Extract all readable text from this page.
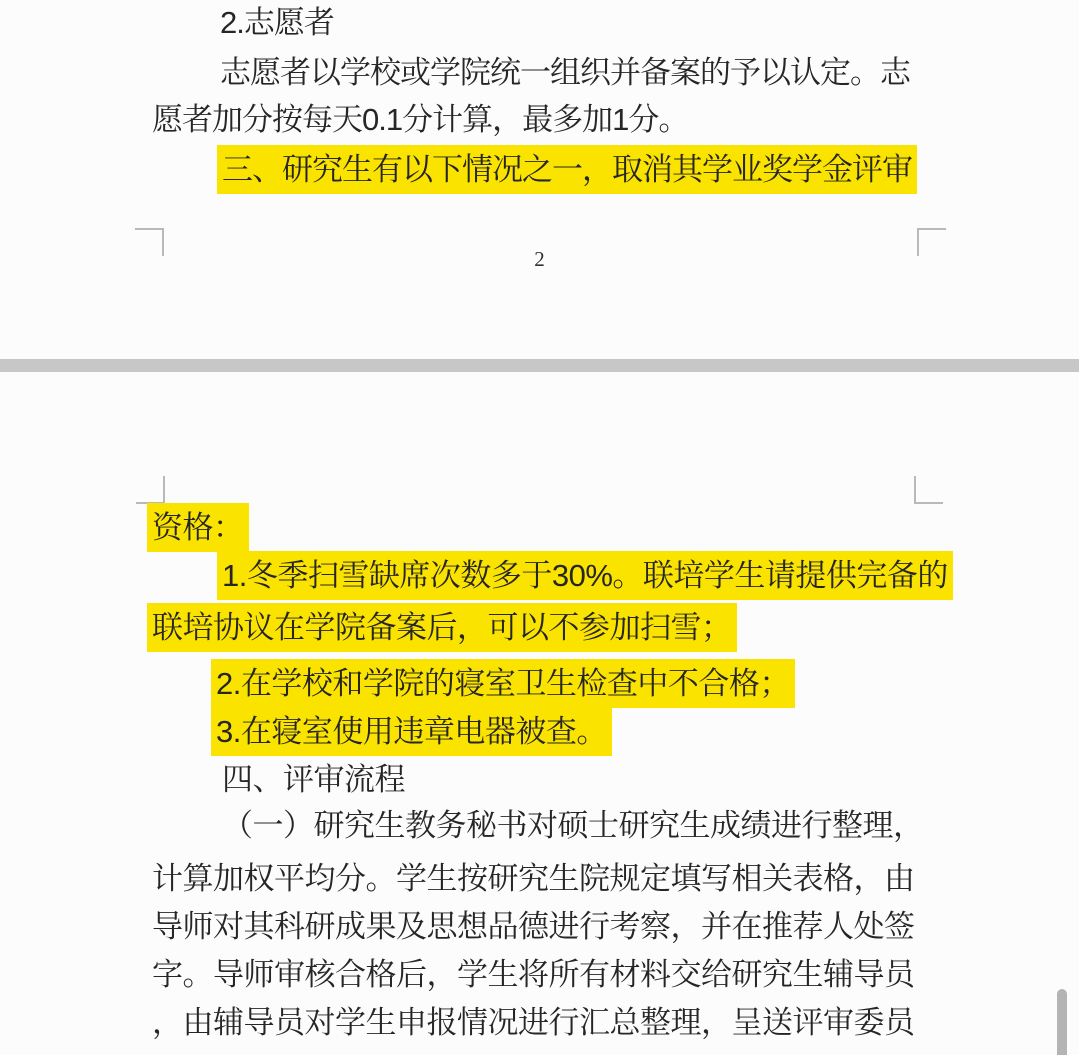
2.志愿者
志愿者以学校或学院统一组织并备案的予以认定。志
愿者加分按每天0.1分计算，最多加1分。
三、研究生有以下情况之一，取消其学业奖学金评审
2
资格：
1.冬季扫雪缺席次数多于30%。联培学生请提供完备的
联培协议在学院备案后，可以不参加扫雪；
2.在学校和学院的寝室卫生检查中不合格；
3.在寝室使用违章电器被查。
四、评审流程
（一）研究生教务秘书对硕士研究生成绩进行整理，
计算加权平均分。学生按研究生院规定填写相关表格，由
导师对其科研成果及思想品德进行考察，并在推荐人处签
字。导师审核合格后，学生将所有材料交给研究生辅导员
，由辅导员对学生申报情况进行汇总整理，呈送评审委员
